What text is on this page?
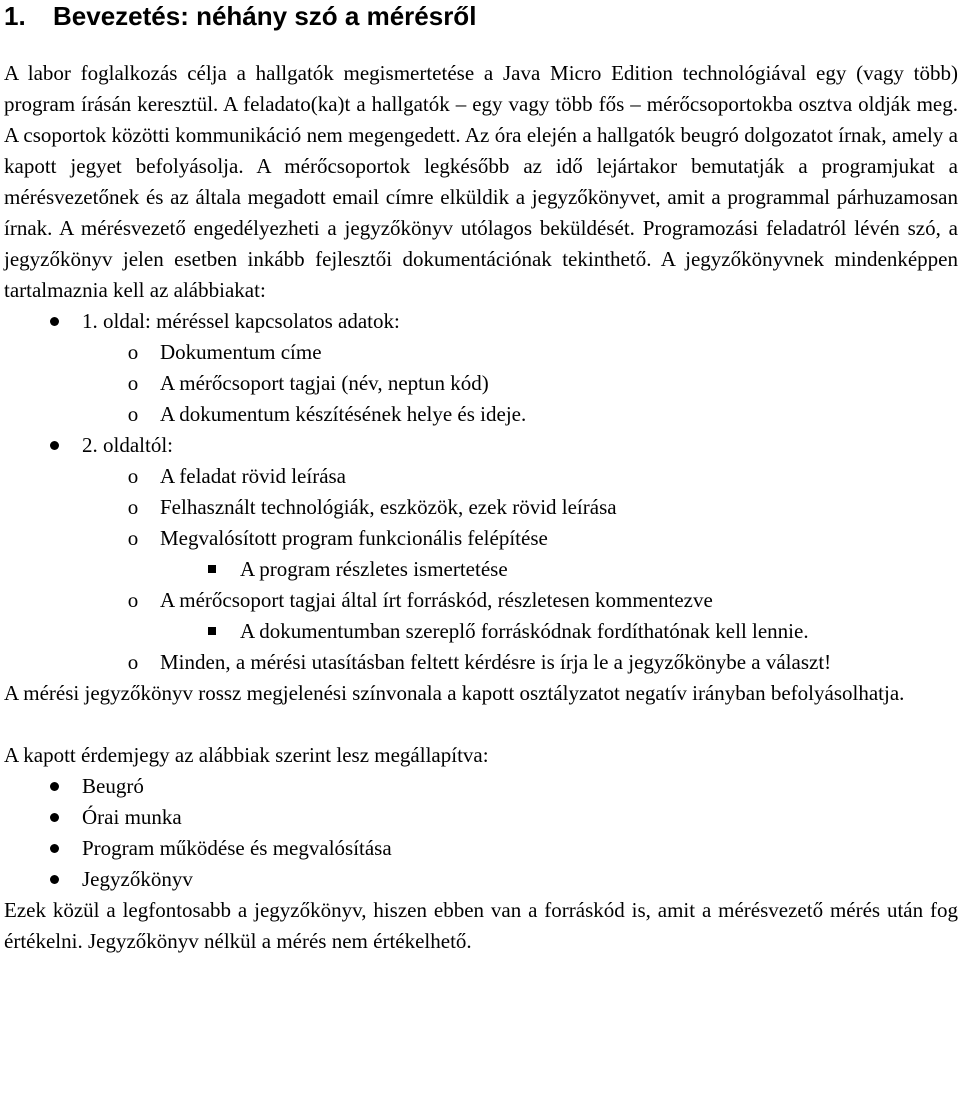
1. Bevezetés: néhány szó a mérésről

A labor foglalkozás célja a hallgatók megismertetése a Java Micro Edition technológiával egy (vagy több) program írásán keresztül. A feladato(ka)t a hallgatók – egy vagy több fős – mérőcsoportokba osztva oldják meg. A csoportok közötti kommunikáció nem megengedett. Az óra elején a hallgatók beugró dolgozatot írnak, amely a kapott jegyet befolyásolja. A mérőcsoportok legkésőbb az idő lejártakor bemutatják a programjukat a mérésvezetőnek és az általa megadott email címre elküldik a jegyzőkönyvet, amit a programmal párhuzamosan írnak. A mérésvezető engedélyezheti a jegyzőkönyv utólagos beküldését. Programozási feladatról lévén szó, a jegyzőkönyv jelen esetben inkább fejlesztői dokumentációnak tekinthető. A jegyzőkönyvnek mindenképpen tartalmaznia kell az alábbiakat:

1. oldal: méréssel kapcsolatos adatok:
o Dokumentum címe
o A mérőcsoport tagjai (név, neptun kód)
o A dokumentum készítésének helye és ideje.
2. oldaltól:
o A feladat rövid leírása
o Felhasznált technológiák, eszközök, ezek rövid leírása
o Megvalósított program funkcionális felépítése
A program részletes ismertetése
o A mérőcsoport tagjai által írt forráskód, részletesen kommentezve
A dokumentumban szereplő forráskódnak fordíthatónak kell lennie.
o Minden, a mérési utasításban feltett kérdésre is írja le a jegyzőkönybe a választ!

A mérési jegyzőkönyv rossz megjelenési színvonala a kapott osztályzatot negatív irányban befolyásolhatja.

A kapott érdemjegy az alábbiak szerint lesz megállapítva:

Beugró
Órai munka
Program működése és megvalósítása
Jegyzőkönyv

Ezek közül a legfontosabb a jegyzőkönyv, hiszen ebben van a forráskód is, amit a mérésvezető mérés után fog értékelni. Jegyzőkönyv nélkül a mérés nem értékelhető.
